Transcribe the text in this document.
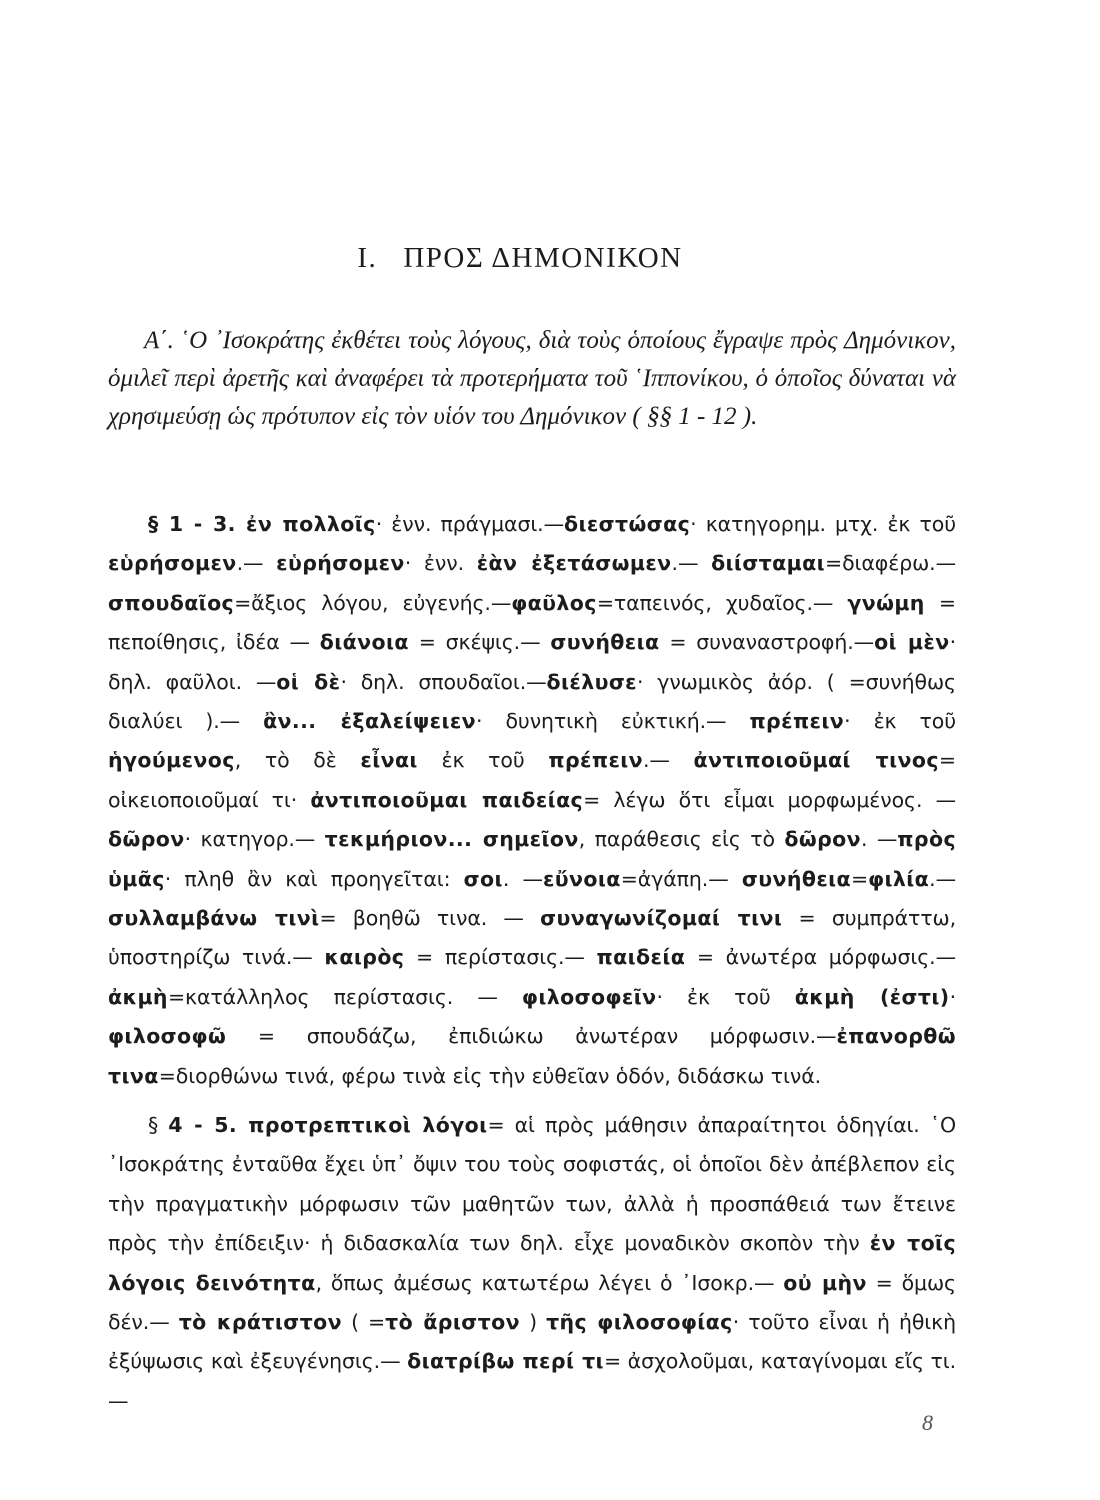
I. ΠΡΟΣ ΔΗΜΟΝΙΚΟΝ

Α΄. ῾Ο ᾿Ισοκράτης ἐκθέτει τοὺς λόγους, διὰ τοὺς ὁποίους ἔγραψε πρὸς Δημόνικον, ὁμιλεῖ περὶ ἀρετῆς καὶ ἀναφέρει τὰ προτερήματα τοῦ ῾Ιππονίκου, ὁ ὁποῖος δύναται νὰ χρησιμεύσῃ ὡς πρότυπον εἰς τὸν υἱόν του Δημόνικον ( §§ 1 - 12 ).

§ 1 - 3. ἐν πολλοῖς· ἐνν. πράγμασι.—διεστώσας· κατηγορημ. μτχ. ἐκ τοῦ εὑρήσομεν.— εὑρήσομεν· ἐνν. ἐὰν ἐξετάσωμεν.— διίσταμαι=διαφέρω.—σπουδαῖος=ἄξιος λόγου, εὐγενής.—φαῦλος=ταπεινός, χυδαῖος.— γνώμη = πεποίθησις, ἰδέα — διάνοια = σκέψις.— συνήθεια = συναναστροφή.—οἱ μὲν· δηλ. φαῦλοι. —οἱ δὲ· δηλ. σπουδαῖοι.—διέλυσε· γνωμικὸς ἀόρ. ( =συνήθως διαλύει ).— ἂν... ἐξαλείψειεν· δυνητικὴ εὐκτική.— πρέπειν· ἐκ τοῦ ἡγούμενος, τὸ δὲ εἶναι ἐκ τοῦ πρέπειν.— ἀντιποιοῦμαί τινος= οἰκειοποιοῦμαί τι· ἀντιποιοῦμαι παιδείας= λέγω ὅτι εἶμαι μορφωμένος. — δῶρον· κατηγορ.— τεκμήριον... σημεῖον, παράθεσις εἰς τὸ δῶρον. —πρὸς ὑμᾶς· πληθ ἂν καὶ προηγεῖται: σοι. —εὔνοια=ἀγάπη.— συνήθεια=φιλία.—συλλαμβάνω τινὶ= βοηθῶ τινα. — συναγωνίζομαί τινι = συμπράττω, ὑποστηρίζω τινά.— καιρὸς = περίστασις.— παιδεία = ἀνωτέρα μόρφωσις.— ἀκμὴ=κατάλληλος περίστασις. — φιλοσοφεῖν· ἐκ τοῦ ἀκμὴ (ἐστι)· φιλοσοφῶ = σπουδάζω, ἐπιδιώκω ἀνωτέραν μόρφωσιν.—ἐπανορθῶ τινα=διορθώνω τινά, φέρω τινὰ εἰς τὴν εὐθεῖαν ὁδόν, διδάσκω τινά.

§ 4 - 5. προτρεπτικοὶ λόγοι= αἱ πρὸς μάθησιν ἀπαραίτητοι ὁδηγίαι. ῾Ο ᾿Ισοκράτης ἐνταῦθα ἔχει ὑπ᾿ ὄψιν του τοὺς σοφιστάς, οἱ ὁποῖοι δὲν ἀπέβλεπον εἰς τὴν πραγματικὴν μόρφωσιν τῶν μαθητῶν των, ἀλλὰ ἡ προσπάθειά των ἔτεινε πρὸς τὴν ἐπίδειξιν· ἡ διδασκαλία των δηλ. εἶχε μοναδικὸν σκοπὸν τὴν ἐν τοῖς λόγοις δεινότητα, ὅπως ἀμέσως κατωτέρω λέγει ὁ ᾿Ισοκρ.— οὐ μὴν = ὅμως δέν.— τὸ κράτιστον ( =τὸ ἄριστον ) τῆς φιλοσοφίας· τοῦτο εἶναι ἡ ἠθικὴ ἐξύψωσις καὶ ἐξευγένησις.— διατρίβω περί τι= ἀσχολοῦμαι, καταγίνομαι εἴς τι.—

8
